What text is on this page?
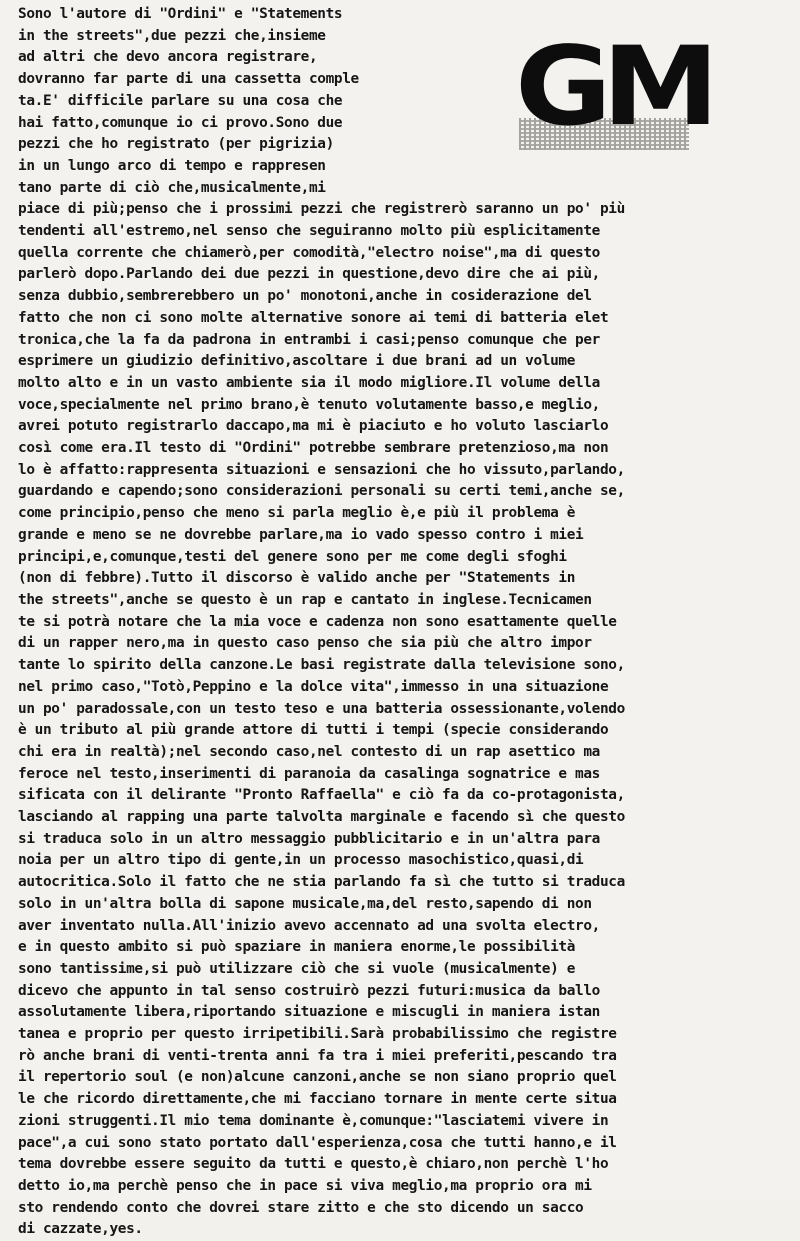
GM
Sono l'autore di "Ordini" e "Statements
in the streets",due pezzi che,insieme
ad altri che devo ancora registrare,
dovranno far parte di una cassetta comple
ta.E' difficile parlare su una cosa che
hai fatto,comunque io ci provo.Sono due
pezzi che ho registrato (per pigrizia)
in un lungo arco di tempo e rappresen
tano parte di ciò che,musicalmente,mi
piace di più;penso che i prossimi pezzi che registrerò saranno un po' più
tendenti all'estremo,nel senso che seguiranno molto più esplicitamente
quella corrente che chiamerò,per comodità,"electro noise",ma di questo
parlerò dopo.Parlando dei due pezzi in questione,devo dire che ai più,
senza dubbio,sembrerebbero un po' monotoni,anche in cosiderazione del
fatto che non ci sono molte alternative sonore ai temi di batteria elet
tronica,che la fa da padrona in entrambi i casi;penso comunque che per
esprimere un giudizio definitivo,ascoltare i due brani ad un volume
molto alto e in un vasto ambiente sia il modo migliore.Il volume della
voce,specialmente nel primo brano,è tenuto volutamente basso,e meglio,
avrei potuto registrarlo daccapo,ma mi è piaciuto e ho voluto lasciarlo
così come era.Il testo di "Ordini" potrebbe sembrare pretenzioso,ma non
lo è affatto:rappresenta situazioni e sensazioni che ho vissuto,parlando,
guardando e capendo;sono considerazioni personali su certi temi,anche se,
come principio,penso che meno si parla meglio è,e più il problema è
grande e meno se ne dovrebbe parlare,ma io vado spesso contro i miei
principi,e,comunque,testi del genere sono per me come degli sfoghi
(non di febbre).Tutto il discorso è valido anche per "Statements in
the streets",anche se questo è un rap e cantato in inglese.Tecnicamen
te si potrà notare che la mia voce e cadenza non sono esattamente quelle
di un rapper nero,ma in questo caso penso che sia più che altro impor
tante lo spirito della canzone.Le basi registrate dalla televisione sono,
nel primo caso,"Totò,Peppino e la dolce vita",immesso in una situazione
un po' paradossale,con un testo teso e una batteria ossessionante,volendo
è un tributo al più grande attore di tutti i tempi (specie considerando
chi era in realtà);nel secondo caso,nel contesto di un rap asettico ma
feroce nel testo,inserimenti di paranoia da casalinga sognatrice e mas
sificata con il delirante "Pronto Raffaella" e ciò fa da co-protagonista,
lasciando al rapping una parte talvolta marginale e facendo sì che questo
si traduca solo in un altro messaggio pubblicitario e in un'altra para
noia per un altro tipo di gente,in un processo masochistico,quasi,di
autocritica.Solo il fatto che ne stia parlando fa sì che tutto si traduca
solo in un'altra bolla di sapone musicale,ma,del resto,sapendo di non
aver inventato nulla.All'inizio avevo accennato ad una svolta electro,
e in questo ambito si può spaziare in maniera enorme,le possibilità
sono tantissime,si può utilizzare ciò che si vuole (musicalmente) e
dicevo che appunto in tal senso costruirò pezzi futuri:musica da ballo
assolutamente libera,riportando situazione e miscugli in maniera istan
tanea e proprio per questo irripetibili.Sarà probabilissimo che registre
rò anche brani di venti-trenta anni fa tra i miei preferiti,pescando tra
il repertorio soul (e non)alcune canzoni,anche se non siano proprio quel
le che ricordo direttamente,che mi facciano tornare in mente certe situa
zioni struggenti.Il mio tema dominante è,comunque:"lasciatemi vivere in
pace",a cui sono stato portato dall'esperienza,cosa che tutti hanno,e il
tema dovrebbe essere seguito da tutti e questo,è chiaro,non perchè l'ho
detto io,ma perchè penso che in pace si viva meglio,ma proprio ora mi
sto rendendo conto che dovrei stare zitto e che sto dicendo un sacco
di cazzate,yes.
